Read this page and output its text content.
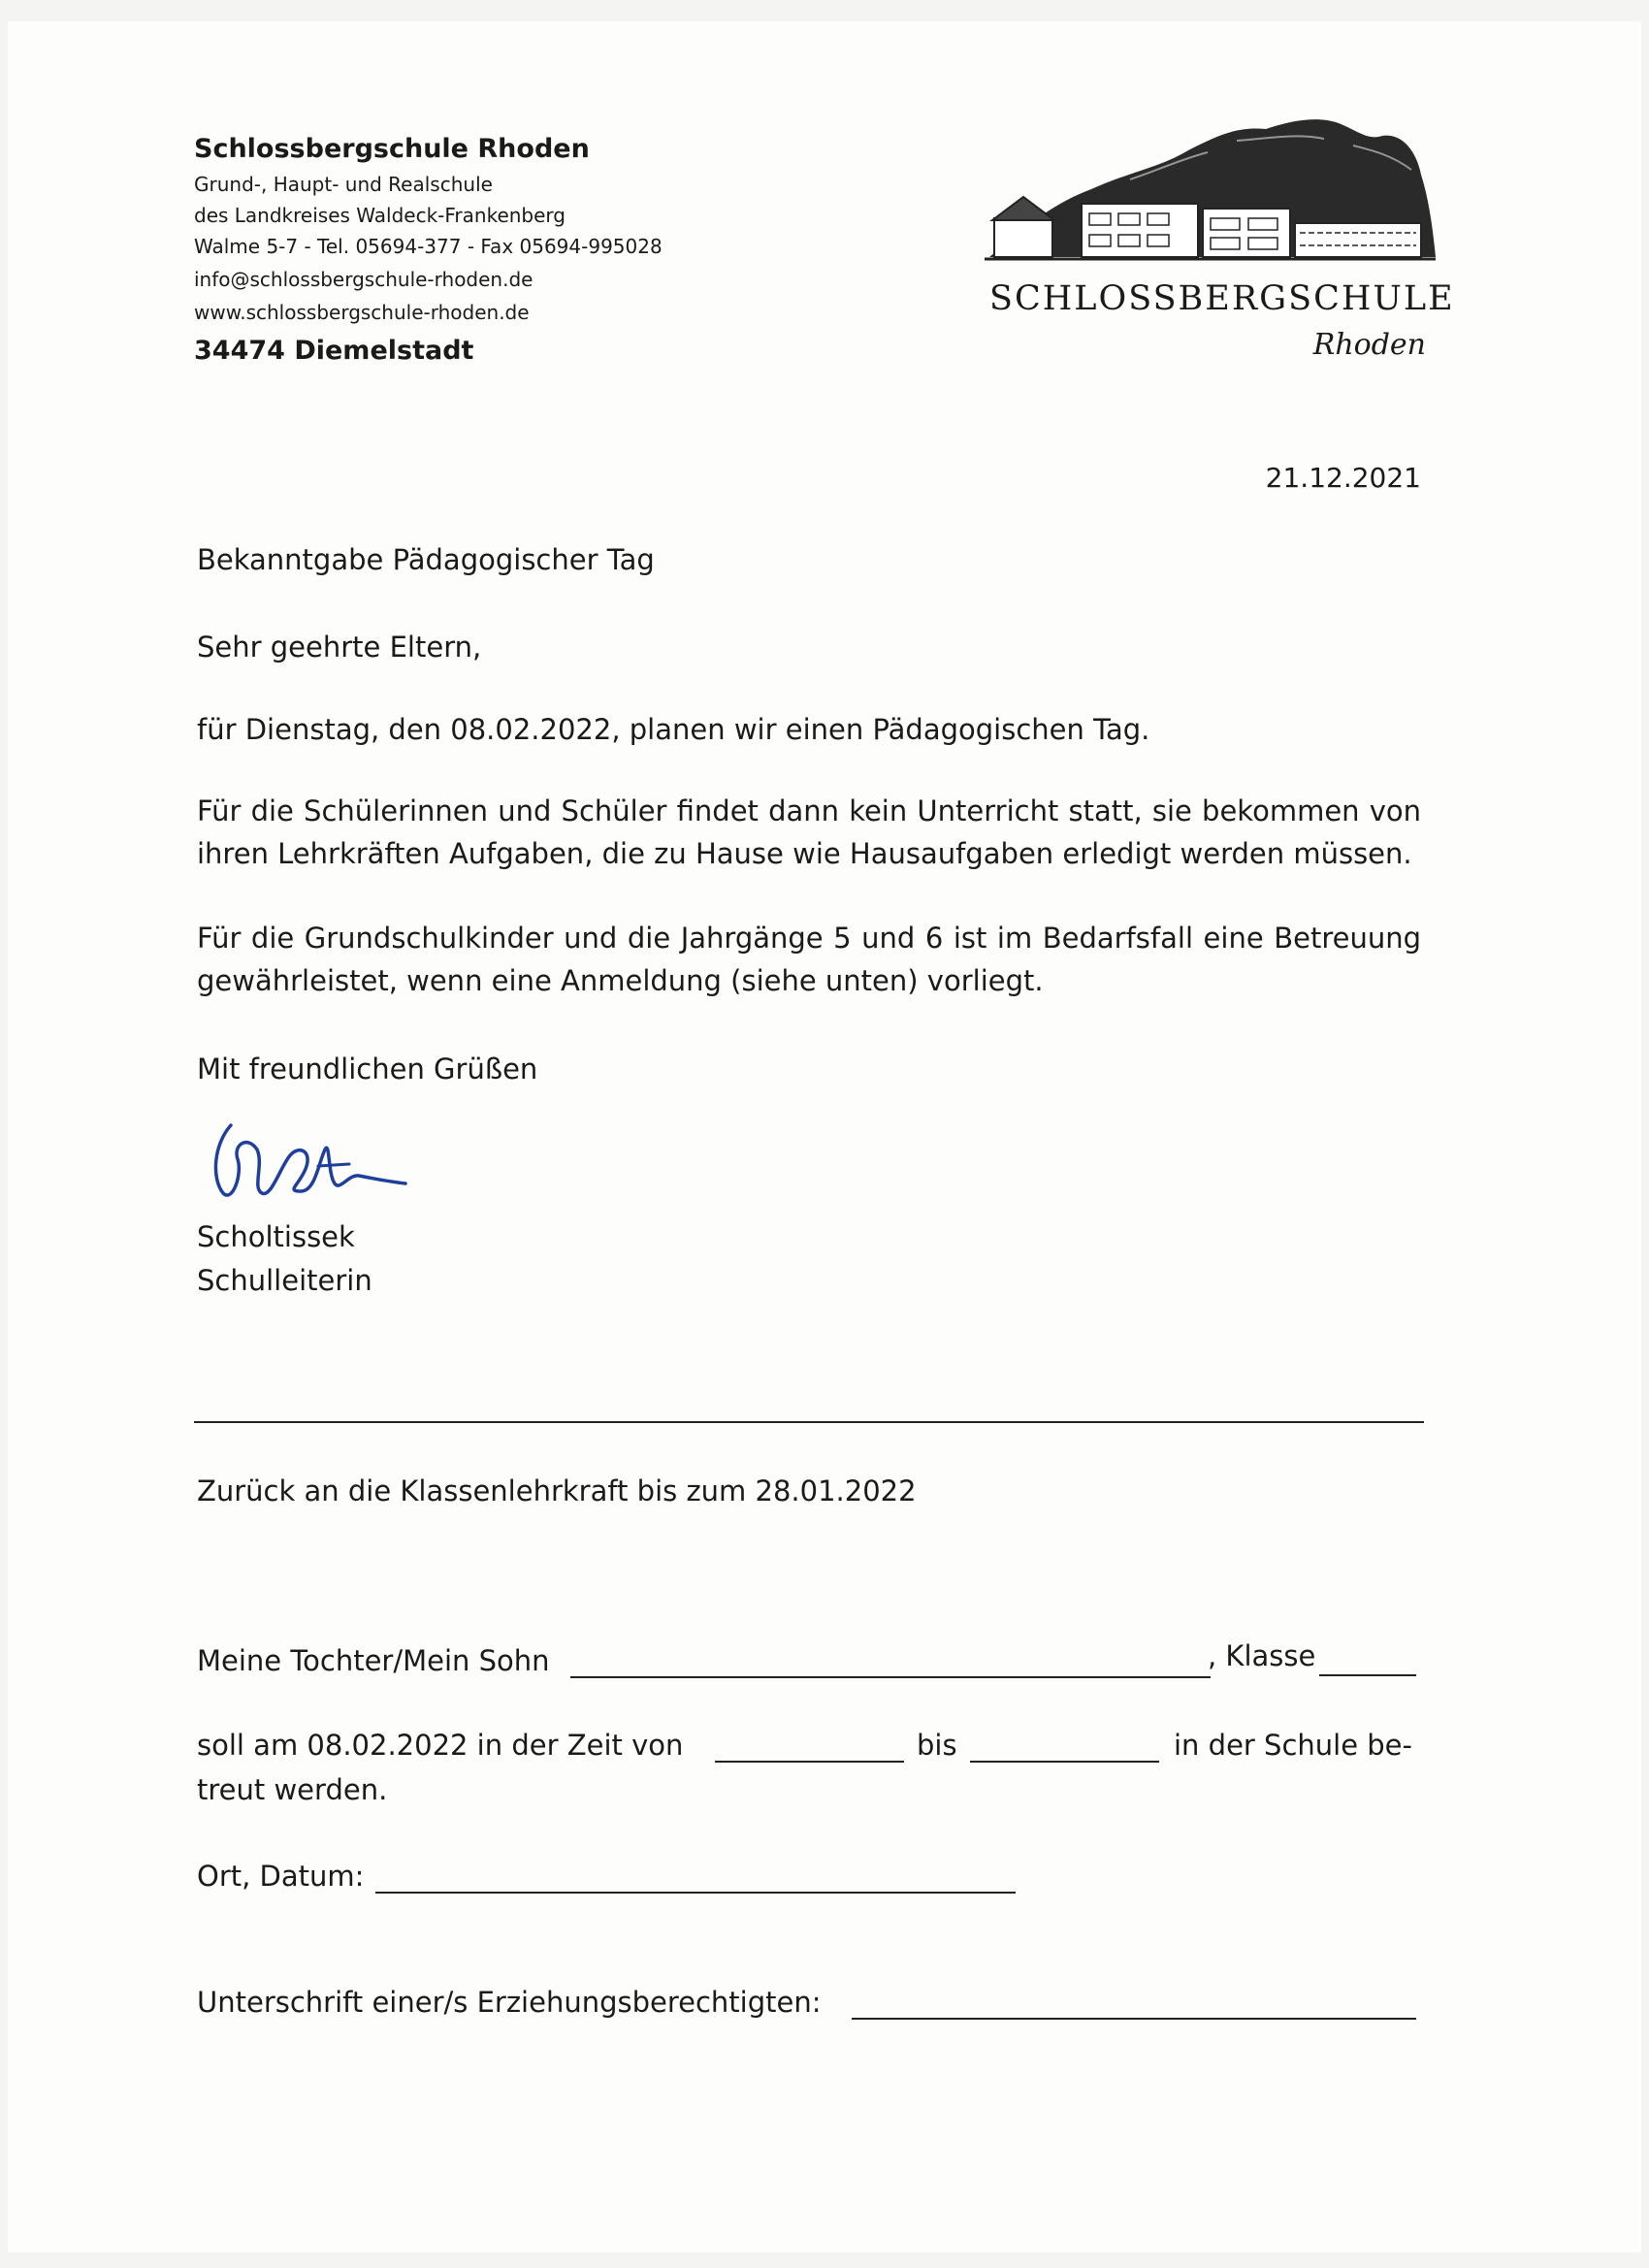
Schlossbergschule Rhoden
Grund-, Haupt- und Realschule
des Landkreises Waldeck-Frankenberg
Walme 5-7 - Tel. 05694-377 - Fax 05694-995028
info@schlossbergschule-rhoden.de
www.schlossbergschule-rhoden.de
34474 Diemelstadt
SCHLOSSBERGSCHULE
Rhoden
21.12.2021
Bekanntgabe Pädagogischer Tag
Sehr geehrte Eltern,
für Dienstag, den 08.02.2022, planen wir einen Pädagogischen Tag.
Für die Schülerinnen und Schüler findet dann kein Unterricht statt, sie bekommen von ihren Lehrkräften Aufgaben, die zu Hause wie Hausaufgaben erledigt werden müssen.
Für die Grundschulkinder und die Jahrgänge 5 und 6 ist im Bedarfsfall eine Betreuung gewährleistet, wenn eine Anmeldung (siehe unten) vorliegt.
Mit freundlichen Grüßen
Scholtissek
Schulleiterin
Zurück an die Klassenlehrkraft bis zum 28.01.2022
Meine Tochter/Mein Sohn	, Klasse
soll am 08.02.2022 in der Zeit von	bis	in der Schule be-
treut werden.
Ort, Datum:
Unterschrift einer/s Erziehungsberechtigten:
